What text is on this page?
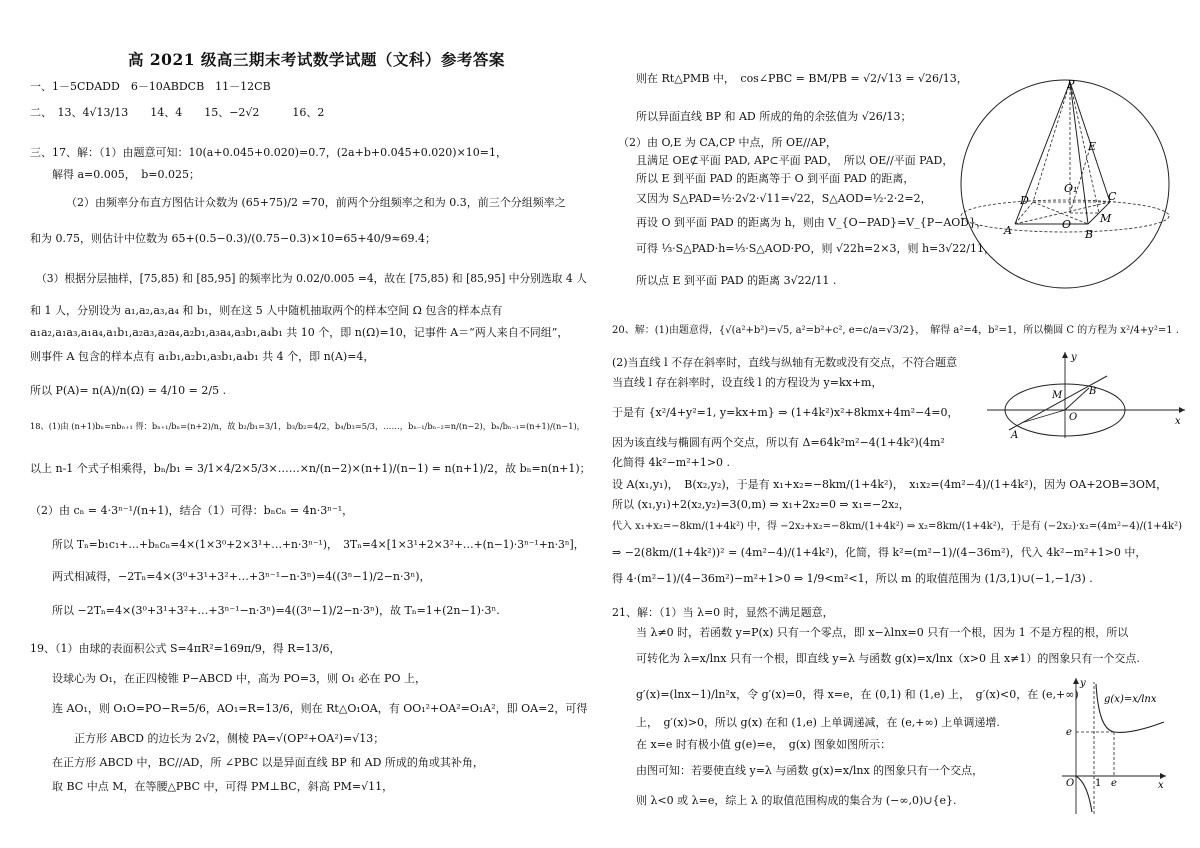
高 2021 级高三期末考试数学试题（文科）参考答案
一、1－5CDADD　6－10ABDCB　11－12CB
二、　13、4√13/13　　14、4　　15、−2√2　　　16、2
三、17、解：（1）由题意可知：10(a+0.045+0.020)=0.7，(2a+b+0.045+0.020)×10=1，
解得 a=0.005，　b=0.025；
（2）由频率分布直方图估计众数为 (65+75)/2 =70，前两个分组频率之和为 0.3，前三个分组频率之
和为 0.75，则估计中位数为 65+(0.5−0.3)/(0.75−0.3)×10=65+40/9≈69.4；
（3）根据分层抽样，[75,85) 和 [85,95] 的频率比为 0.02/0.005 =4，故在 [75,85) 和 [85,95] 中分别选取 4 人
和 1 人，分别设为 a₁,a₂,a₃,a₄ 和 b₁，则在这 5 人中随机抽取两个的样本空间 Ω 包含的样本点有
a₁a₂,a₁a₃,a₁a₄,a₁b₁,a₂a₃,a₂a₄,a₂b₁,a₃a₄,a₃b₁,a₄b₁ 共 10 个，即 n(Ω)=10，记事件 A＝“两人来自不同组”，
则事件 A 包含的样本点有 a₁b₁,a₂b₁,a₃b₁,a₄b₁ 共 4 个，即 n(A)=4，
所以 P(A)= n(A)/n(Ω) = 4/10 = 2/5 .
18、(1)由 (n+1)bₙ=nbₙ₊₁ 得：bₙ₊₁/bₙ=(n+2)/n，故 b₂/b₁=3/1，b₃/b₂=4/2，b₄/b₃=5/3，……，bₙ₋₁/bₙ₋₂=n/(n−2)，bₙ/bₙ₋₁=(n+1)/(n−1)，
以上 n-1 个式子相乘得，bₙ/b₁ = 3/1×4/2×5/3×……×n/(n−2)×(n+1)/(n−1) = n(n+1)/2，故 bₙ=n(n+1)；
（2）由 cₙ = 4·3ⁿ⁻¹/(n+1)，结合（1）可得：bₙcₙ = 4n·3ⁿ⁻¹，
所以 Tₙ=b₁c₁+…+bₙcₙ=4×(1×3⁰+2×3¹+…+n·3ⁿ⁻¹)，　3Tₙ=4×[1×3¹+2×3²+…+(n−1)·3ⁿ⁻¹+n·3ⁿ]，
两式相减得，−2Tₙ=4×(3⁰+3¹+3²+…+3ⁿ⁻¹−n·3ⁿ)=4((3ⁿ−1)/2−n·3ⁿ)，
所以 −2Tₙ=4×(3⁰+3¹+3²+…+3ⁿ⁻¹−n·3ⁿ)=4((3ⁿ−1)/2−n·3ⁿ)，故 Tₙ=1+(2n−1)·3ⁿ.
19、（1）由球的表面积公式 S=4πR²=169π/9，得 R=13/6，
设球心为 O₁，在正四棱锥 P−ABCD 中，高为 PO=3，则 O₁ 必在 PO 上，
连 AO₁，则 O₁O=PO−R=5/6，AO₁=R=13/6，则在 Rt△O₁OA，有 OO₁²+OA²=O₁A²，即 OA=2，可得
正方形 ABCD 的边长为 2√2，侧棱 PA=√(OP²+OA²)=√13；
在正方形 ABCD 中，BC//AD，所 ∠PBC 以是异面直线 BP 和 AD 所成的角或其补角，
取 BC 中点 M，在等腰△PBC 中，可得 PM⊥BC，斜高 PM=√11，
则在 Rt△PMB 中，　cos∠PBC = BM/PB = √2/√13 = √26/13，
所以异面直线 BP 和 AD 所成的角的余弦值为 √26/13；
（2）由 O,E 为 CA,CP 中点，所 OE//AP，
且满足 OE⊄平面 PAD, AP⊂平面 PAD，　所以 OE//平面 PAD，
所以 E 到平面 PAD 的距离等于 O 到平面 PAD 的距离，
又因为 S△PAD=½·2√2·√11=√22，S△AOD=½·2·2=2，
再设 O 到平面 PAD 的距离为 h，则由 V_{O−PAD}=V_{P−AOD}，
可得 ⅓·S△PAD·h=⅓·S△AOD·PO，则 √22h=2×3，则 h=3√22/11，
所以点 E 到平面 PAD 的距离 3√22/11 .
20、解：(1)由题意得，{√(a²+b²)=√5, a²=b²+c², e=c/a=√3/2}，　解得 a²=4，b²=1，所以椭圆 C 的方程为 x²/4+y²=1 .
(2)当直线 l 不存在斜率时，直线与纵轴有无数或没有交点，不符合题意
当直线 l 存在斜率时，设直线 l 的方程设为 y=kx+m，
于是有 {x²/4+y²=1, y=kx+m} ⇒ (1+4k²)x²+8kmx+4m²−4=0，
因为该直线与椭圆有两个交点，所以有 Δ=64k²m²−4(1+4k²)(4m²
化简得 4k²−m²+1>0 .
设 A(x₁,y₁)，　B(x₂,y₂)，于是有 x₁+x₂=−8km/(1+4k²)，　x₁x₂=(4m²−4)/(1+4k²)，因为 OA+2OB=3OM，
所以 (x₁,y₁)+2(x₂,y₂)=3(0,m) ⇒ x₁+2x₂=0 ⇒ x₁=−2x₂，
代入 x₁+x₂=−8km/(1+4k²) 中，得 −2x₂+x₂=−8km/(1+4k²) ⇒ x₂=8km/(1+4k²)，于是有 (−2x₂)·x₂=(4m²−4)/(1+4k²)
⇒ −2(8km/(1+4k²))² = (4m²−4)/(1+4k²)，化简，得 k²=(m²−1)/(4−36m²)，代入 4k²−m²+1>0 中，
得 4·(m²−1)/(4−36m²)−m²+1>0 ⇒ 1/9<m²<1，所以 m 的取值范围为 (1/3,1)∪(−1,−1/3) .
21、解：（1）当 λ=0 时，显然不满足题意，
当 λ≠0 时，若函数 y=P(x) 只有一个零点，即 x−λlnx=0 只有一个根，因为 1 不是方程的根，所以
可转化为 λ=x/lnx 只有一个根，即直线 y=λ 与函数 g(x)=x/lnx（x>0 且 x≠1）的图象只有一个交点.
g′(x)=(lnx−1)/ln²x，令 g′(x)=0，得 x=e，在 (0,1) 和 (1,e) 上，　g′(x)<0，在 (e,+∞)
上，　g′(x)>0，所以 g(x) 在和 (1,e) 上单调递减，在 (e,+∞) 上单调递增.
在 x=e 时有极小值 g(e)=e，　g(x) 图象如图所示：
由图可知：若要使直线 y=λ 与函数 g(x)=x/lnx 的图象只有一个交点，
则 λ<0 或 λ=e，综上 λ 的取值范围构成的集合为 (−∞,0)∪{e}.
P
E
D
O₁
C
A	O	M
B
y
M	B
O
A
x
y
g(x)=x/lnx
e
O 1 e	x
